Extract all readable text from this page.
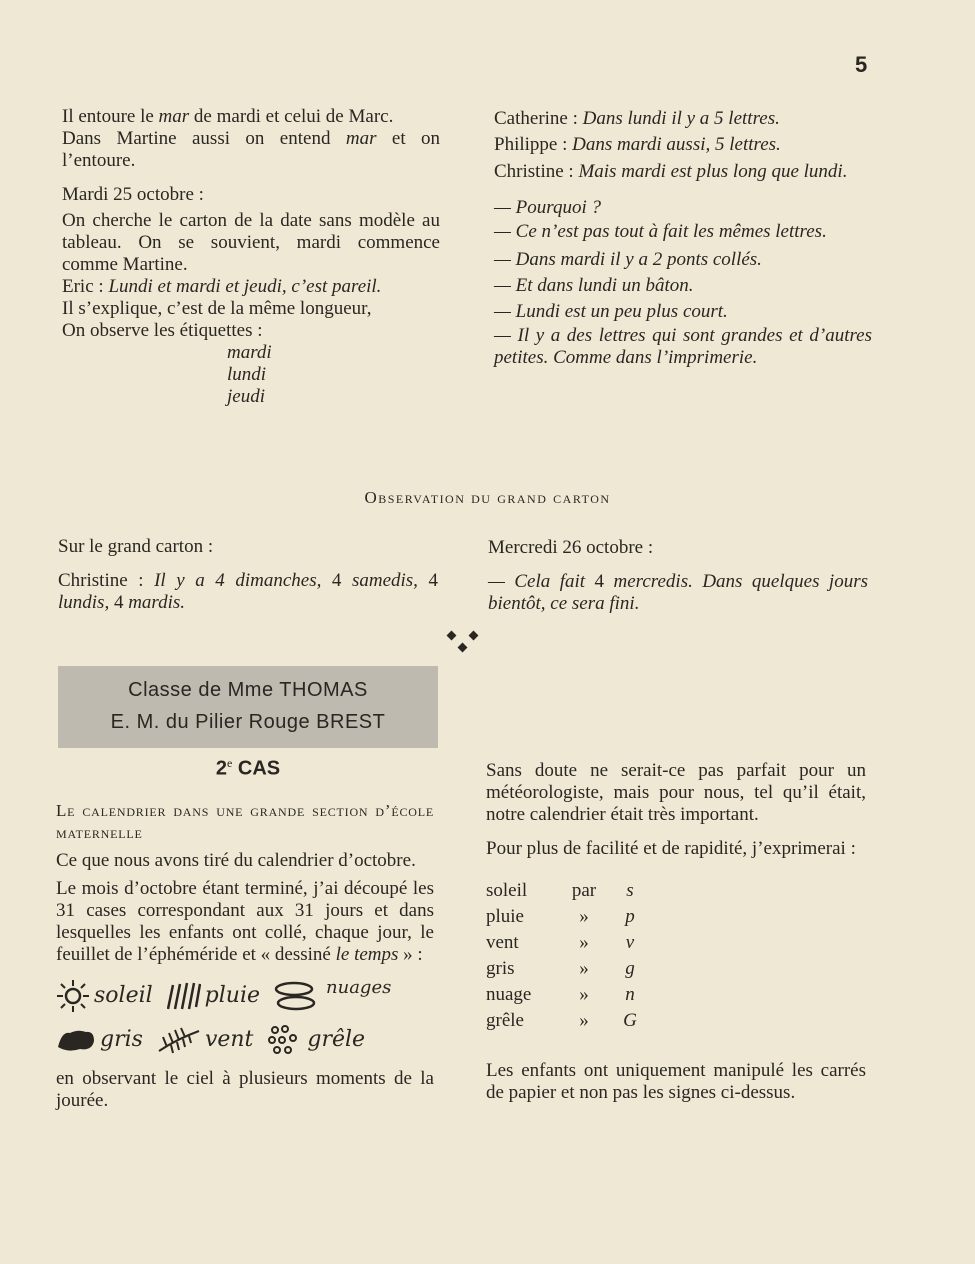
5

Il entoure le mar de mardi et celui de Marc.

Dans Martine aussi on entend mar et on l’entoure.

Mardi 25 octobre :

On cherche le carton de la date sans modèle au tableau. On se souvient, mardi commence comme Martine.

Eric : Lundi et mardi et jeudi, c’est pareil.

Il s’explique, c’est de la même longueur,

On observe les étiquettes :

mardi

lundi

jeudi

Catherine : Dans lundi il y a 5 lettres.

Philippe : Dans mardi aussi, 5 lettres.

Christine : Mais mardi est plus long que lundi.

— Pourquoi ?

— Ce n’est pas tout à fait les mêmes lettres.

— Dans mardi il y a 2 ponts collés.

— Et dans lundi un bâton.

— Lundi est un peu plus court.

— Il y a des lettres qui sont grandes et d’autres petites. Comme dans l’imprimerie.

Observation du grand carton

Sur le grand carton :

Christine : Il y a 4 dimanches, 4 samedis, 4 lundis, 4 mardis.

Mercredi 26 octobre :

— Cela fait 4 mercredis. Dans quelques jours bientôt, ce sera fini.

Classe de Mme THOMAS
E. M. du Pilier Rouge BREST
2e CAS

Le calendrier dans une grande section d’école maternelle

Ce que nous avons tiré du calendrier d’octobre.

Le mois d’octobre étant terminé, j’ai découpé les 31 cases correspondant aux 31 jours et dans lesquelles les enfants ont collé, chaque jour, le feuillet de l’éphéméride et « dessiné le temps » :

soleil pluie	nuages
gris	vent grêle

en observant le ciel à plusieurs moments de la jourée.

Sans doute ne serait-ce pas parfait pour un météorologiste, mais pour nous, tel qu’il était, notre calendrier était très important.

Pour plus de facilité et de rapidité, j’exprimerai :

soleil	par	s
pluie	»	p
vent	»	v
gris	»	g
nuage	»	n
grêle	»	G

Les enfants ont uniquement manipulé les carrés de papier et non pas les signes ci-dessus.
